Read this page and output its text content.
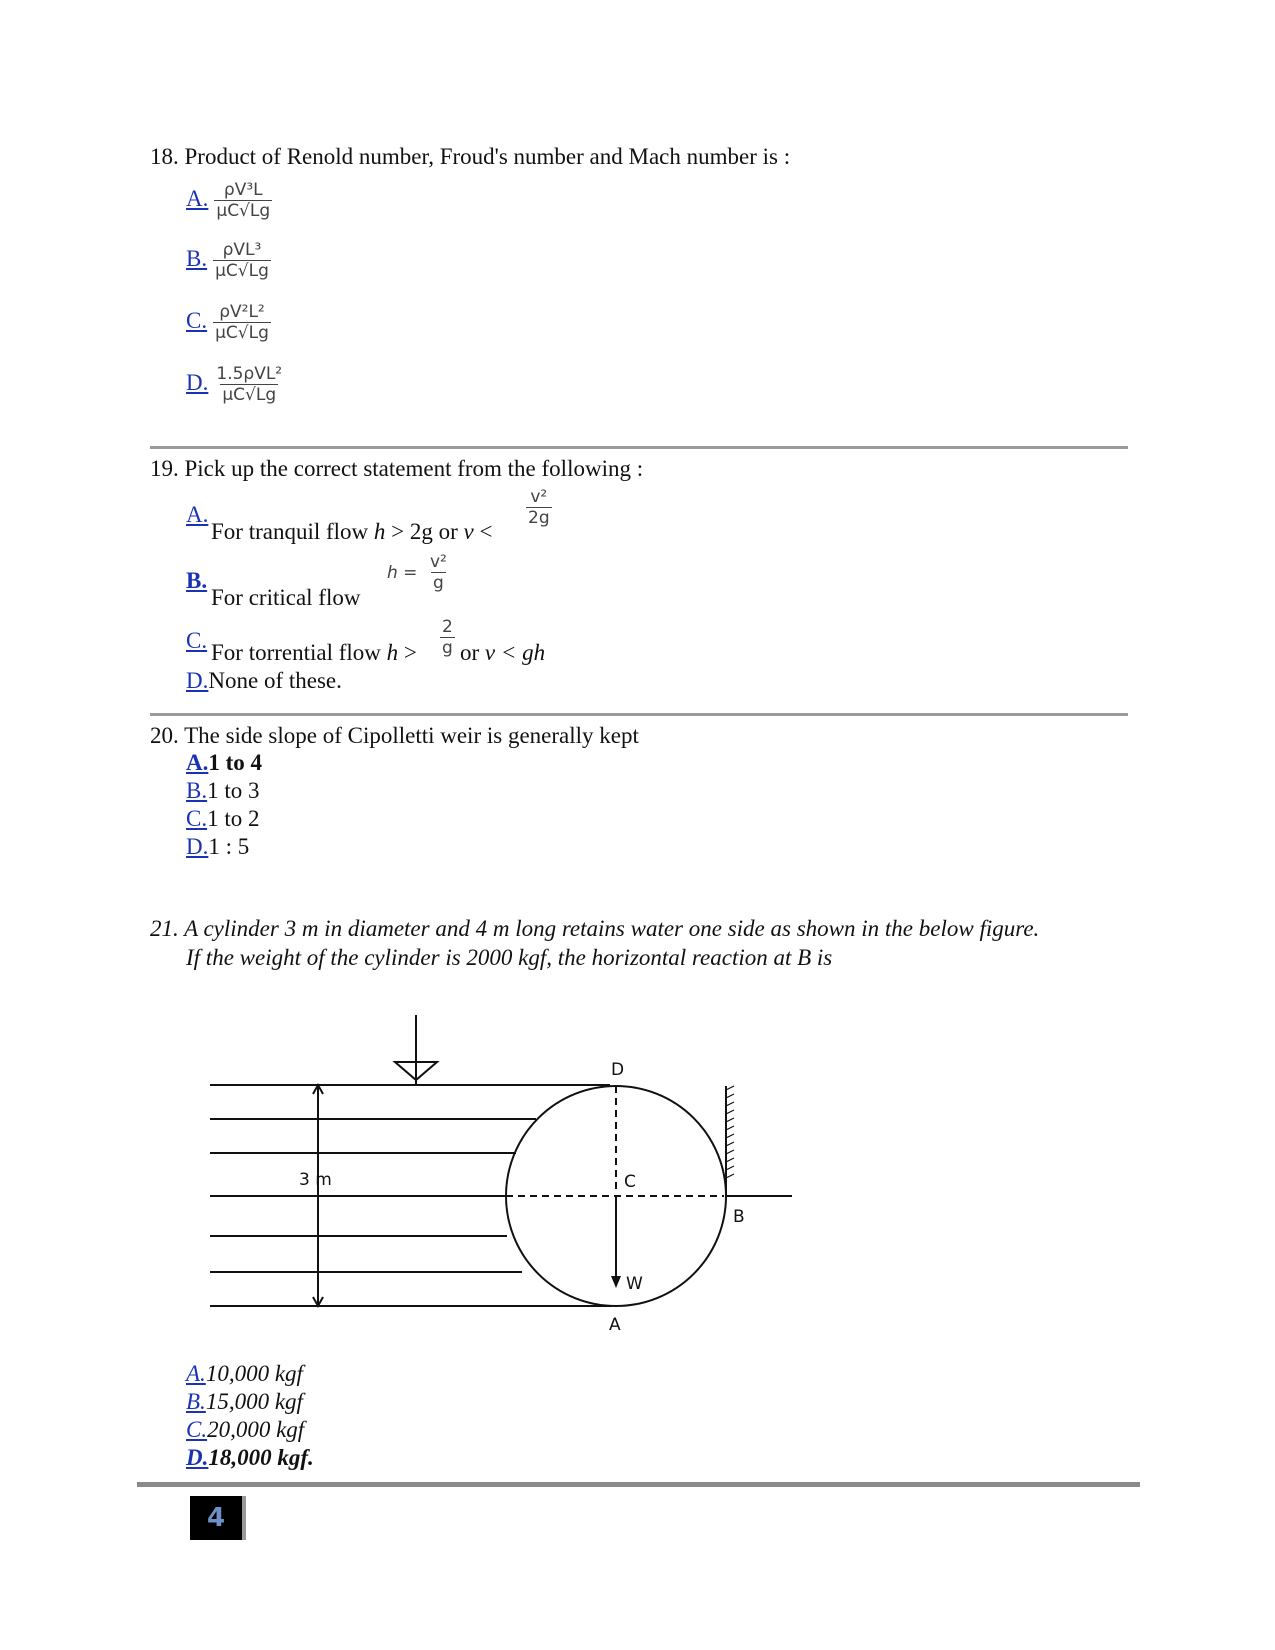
18. Product of Renold number, Froud's number and Mach number is :
A. $\frac{\text{ρV³L}}{\mu C√Lg}$
B. $\frac{\text{ρVL³}}{\mu C√Lg}$
C. $\frac{\text{ρV²L²}}{\mu C√Lg}$
D. $\frac{\text{1.5ρVL²}}{\mu C√Lg}$
19. Pick up the correct statement from the following :
A.
For tranquil flow h > 2g or v <
$\frac{\text{v²}}{2g}$
B.
For critical flow
$h = \frac{\text{v²}}{g}$
C. For torrential flow $h > \frac{2}{g}$ or v < gh
D.None of these.
20. The side slope of Cipolletti weir is generally kept
A.1 to 4
B.1 to 3
C.1 to 2
D.1 : 5
21. A cylinder 3 m in diameter and 4 m long retains water one side as shown in the below figure.
If the weight of the cylinder is 2000 kgf, the horizontal reaction at B is
3 m
D
C
B
W
A
A.10,000 kgf
B.15,000 kgf
C.20,000 kgf
D.18,000 kgf.
4
